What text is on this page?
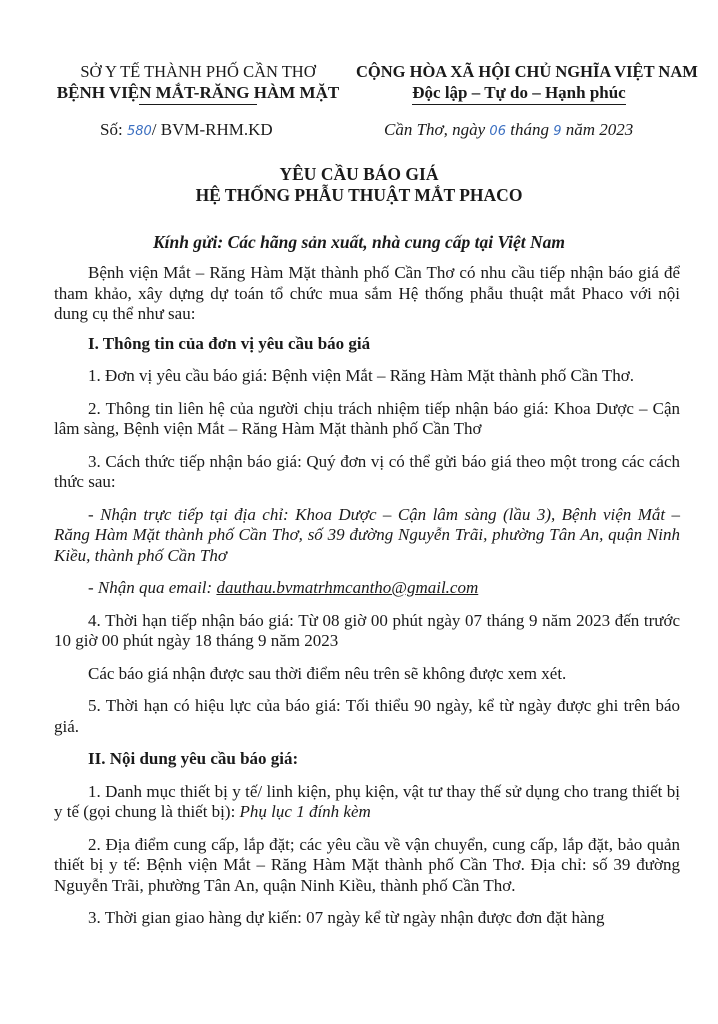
SỞ Y TẾ THÀNH PHỐ CẦN THƠ
BỆNH VIỆN MẮT-RĂNG HÀM MẶT
CỘNG HÒA XÃ HỘI CHỦ NGHĨA VIỆT NAM
Độc lập – Tự do – Hạnh phúc
Số: 580/ BVM-RHM.KD	Cần Thơ, ngày 06 tháng 9 năm 2023
YÊU CẦU BÁO GIÁ
HỆ THỐNG PHẪU THUẬT MẮT PHACO
Kính gửi: Các hãng sản xuất, nhà cung cấp tại Việt Nam

Bệnh viện Mắt – Răng Hàm Mặt thành phố Cần Thơ có nhu cầu tiếp nhận báo giá để tham khảo, xây dựng dự toán tổ chức mua sắm Hệ thống phẫu thuật mắt Phaco với nội dung cụ thể như sau:

I. Thông tin của đơn vị yêu cầu báo giá

1. Đơn vị yêu cầu báo giá: Bệnh viện Mắt – Răng Hàm Mặt thành phố Cần Thơ.

2. Thông tin liên hệ của người chịu trách nhiệm tiếp nhận báo giá: Khoa Dược – Cận lâm sàng, Bệnh viện Mắt – Răng Hàm Mặt thành phố Cần Thơ

3. Cách thức tiếp nhận báo giá: Quý đơn vị có thể gửi báo giá theo một trong các cách thức sau:

- Nhận trực tiếp tại địa chỉ: Khoa Dược – Cận lâm sàng (lầu 3), Bệnh viện Mắt – Răng Hàm Mặt thành phố Cần Thơ, số 39 đường Nguyễn Trãi, phường Tân An, quận Ninh Kiều, thành phố Cần Thơ

- Nhận qua email: dauthau.bvmatrhmcantho@gmail.com

4. Thời hạn tiếp nhận báo giá: Từ 08 giờ 00 phút ngày 07 tháng 9 năm 2023 đến trước 10 giờ 00 phút ngày 18 tháng 9 năm 2023

Các báo giá nhận được sau thời điểm nêu trên sẽ không được xem xét.

5. Thời hạn có hiệu lực của báo giá: Tối thiểu 90 ngày, kể từ ngày được ghi trên báo giá.

II. Nội dung yêu cầu báo giá:

1. Danh mục thiết bị y tế/ linh kiện, phụ kiện, vật tư thay thế sử dụng cho trang thiết bị y tế (gọi chung là thiết bị): Phụ lục 1 đính kèm

2. Địa điểm cung cấp, lắp đặt; các yêu cầu về vận chuyển, cung cấp, lắp đặt, bảo quản thiết bị y tế: Bệnh viện Mắt – Răng Hàm Mặt thành phố Cần Thơ. Địa chỉ: số 39 đường Nguyễn Trãi, phường Tân An, quận Ninh Kiều, thành phố Cần Thơ.

3. Thời gian giao hàng dự kiến: 07 ngày kể từ ngày nhận được đơn đặt hàng
